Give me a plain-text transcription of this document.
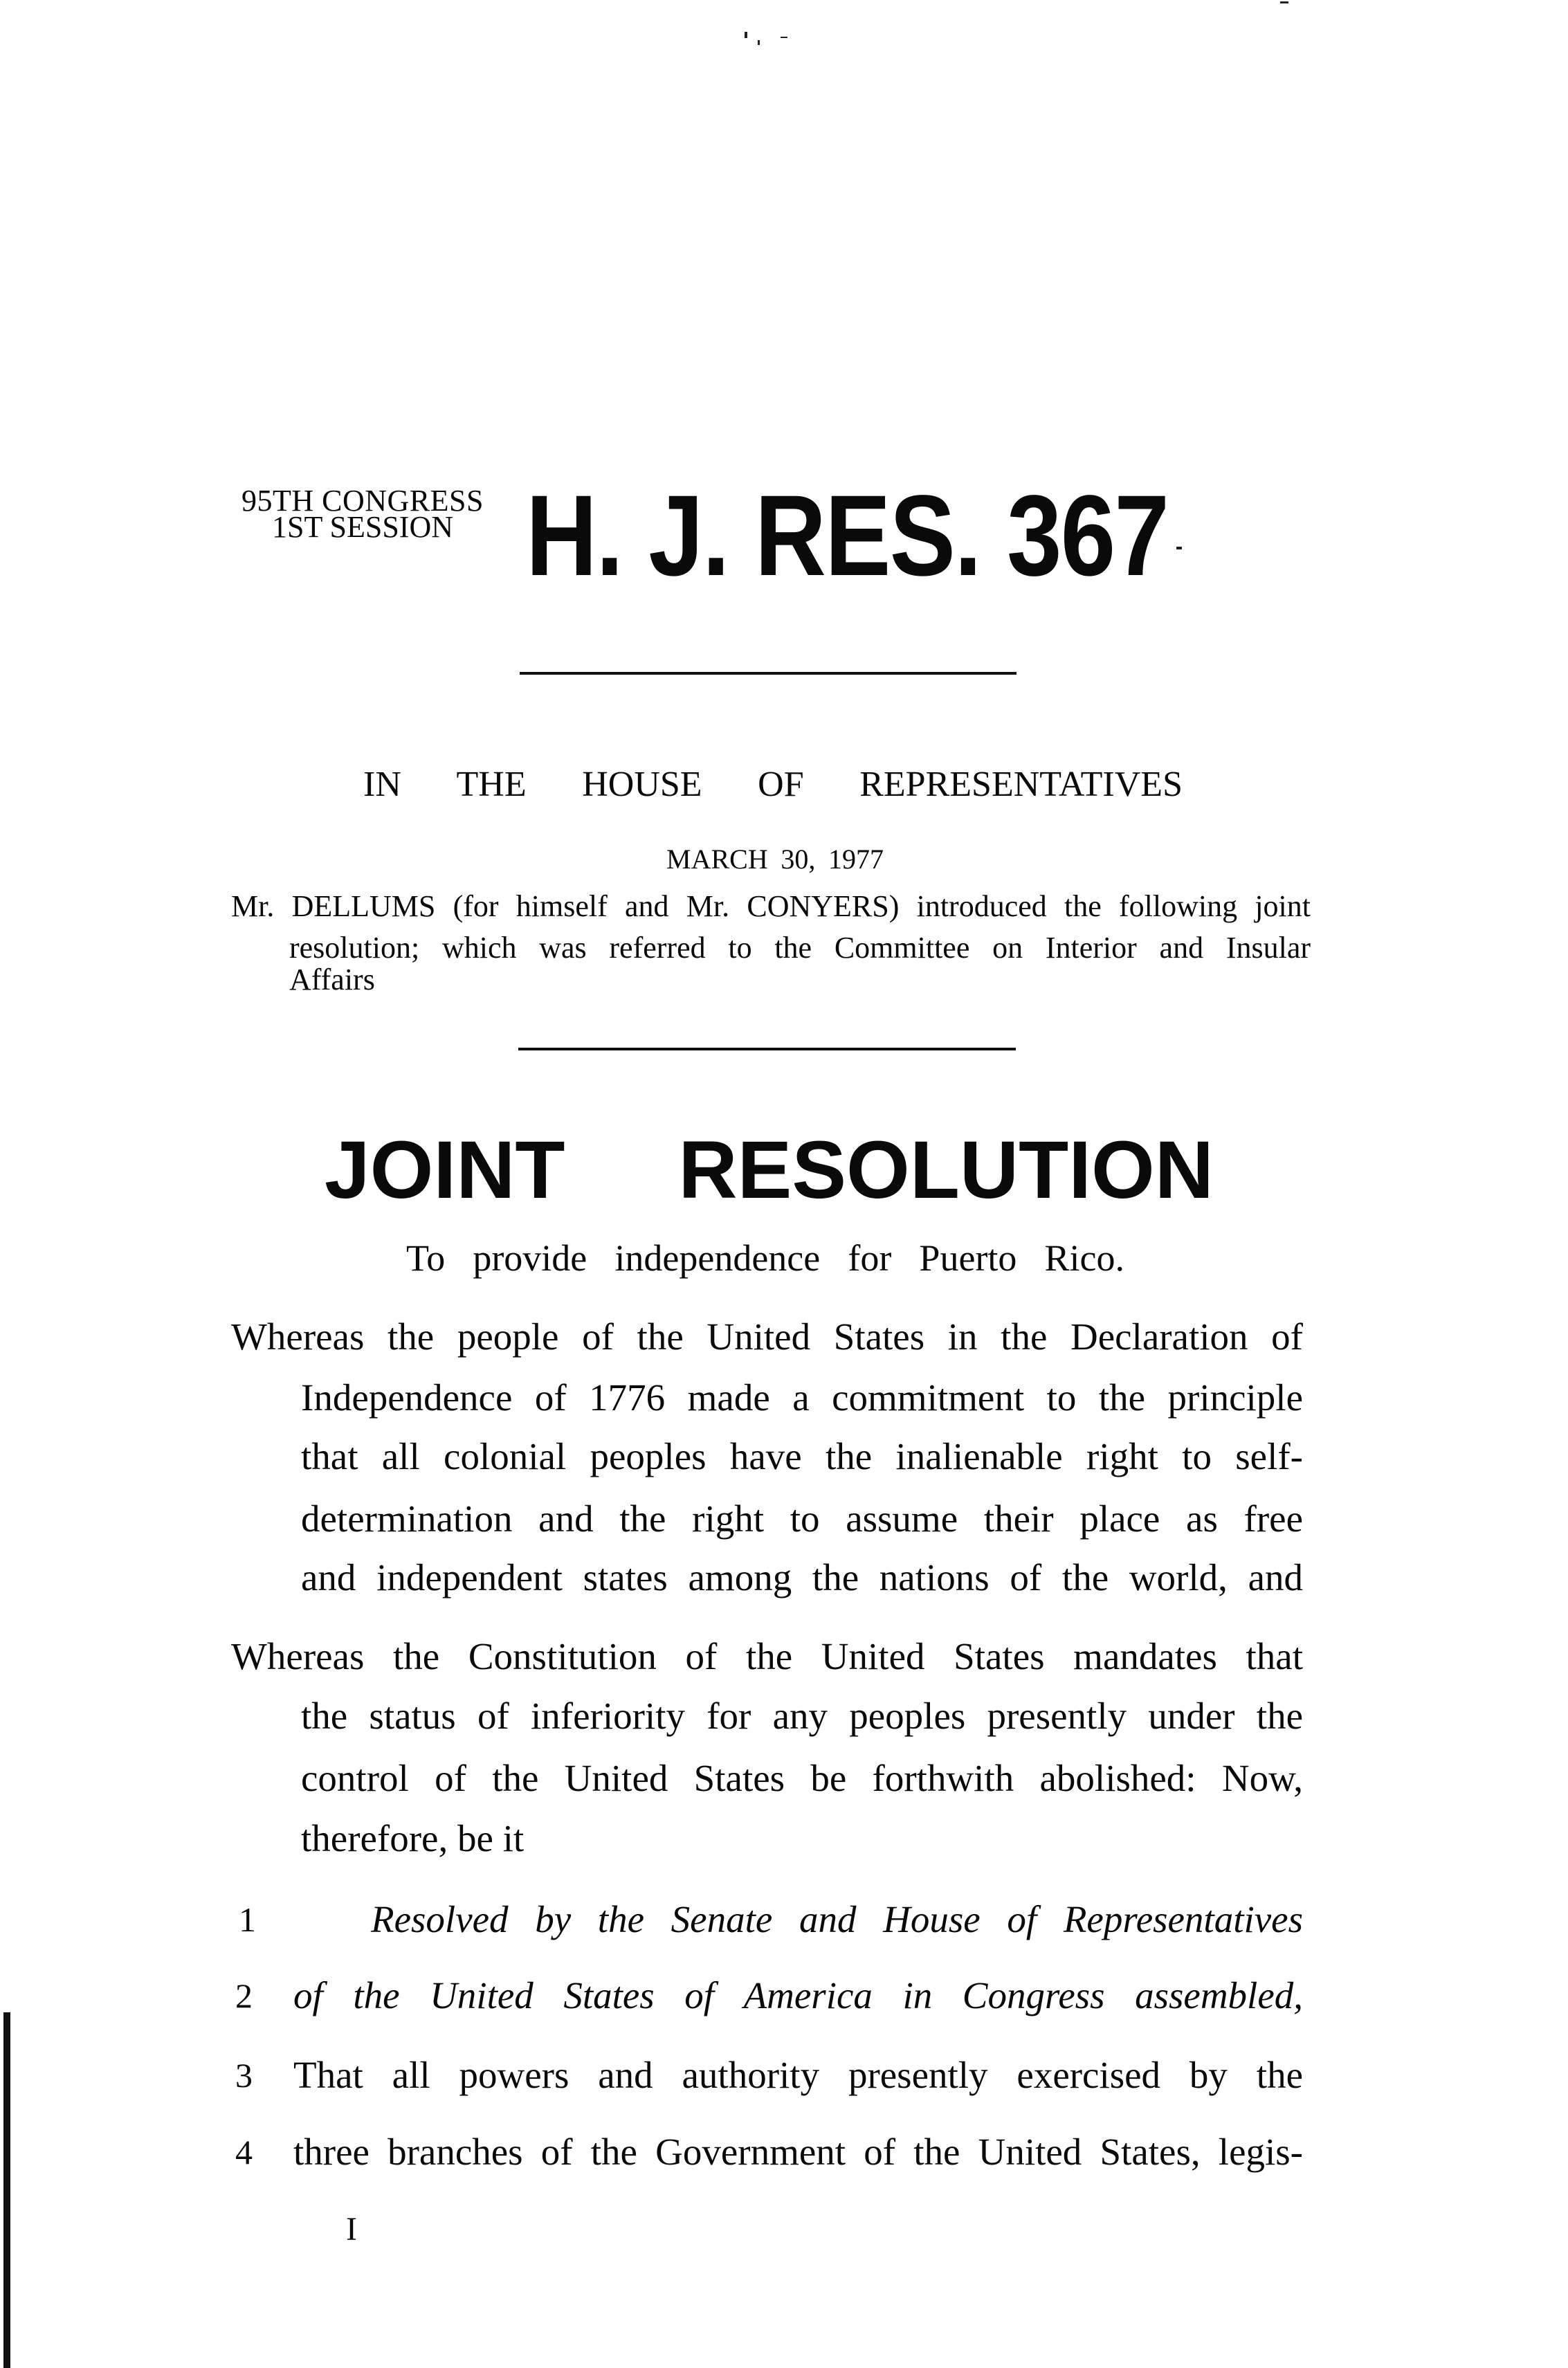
95TH CONGRESS
1ST SESSION H. J. RES. 367
IN THE HOUSE OF REPRESENTATIVES
MARCH 30, 1977
Mr. DELLUMS (for himself and Mr. CONYERS) introduced the following joint
resolution; which was referred to the Committee on Interior and Insular
Affairs
JOINT RESOLUTION
To provide independence for Puerto Rico.
Whereas the people of the United States in the Declaration of
Independence of 1776 made a commitment to the principle
that all colonial peoples have the inalienable right to self-
determination and the right to assume their place as free
and independent states among the nations of the world, and
Whereas the Constitution of the United States mandates that
the status of inferiority for any peoples presently under the
control of the United States be forthwith abolished: Now,
therefore, be it
1	Resolved by the Senate and House of Representatives
2 of the United States of America in Congress assembled,
3 That all powers and authority presently exercised by the
4 three branches of the Government of the United States, legis-
I
